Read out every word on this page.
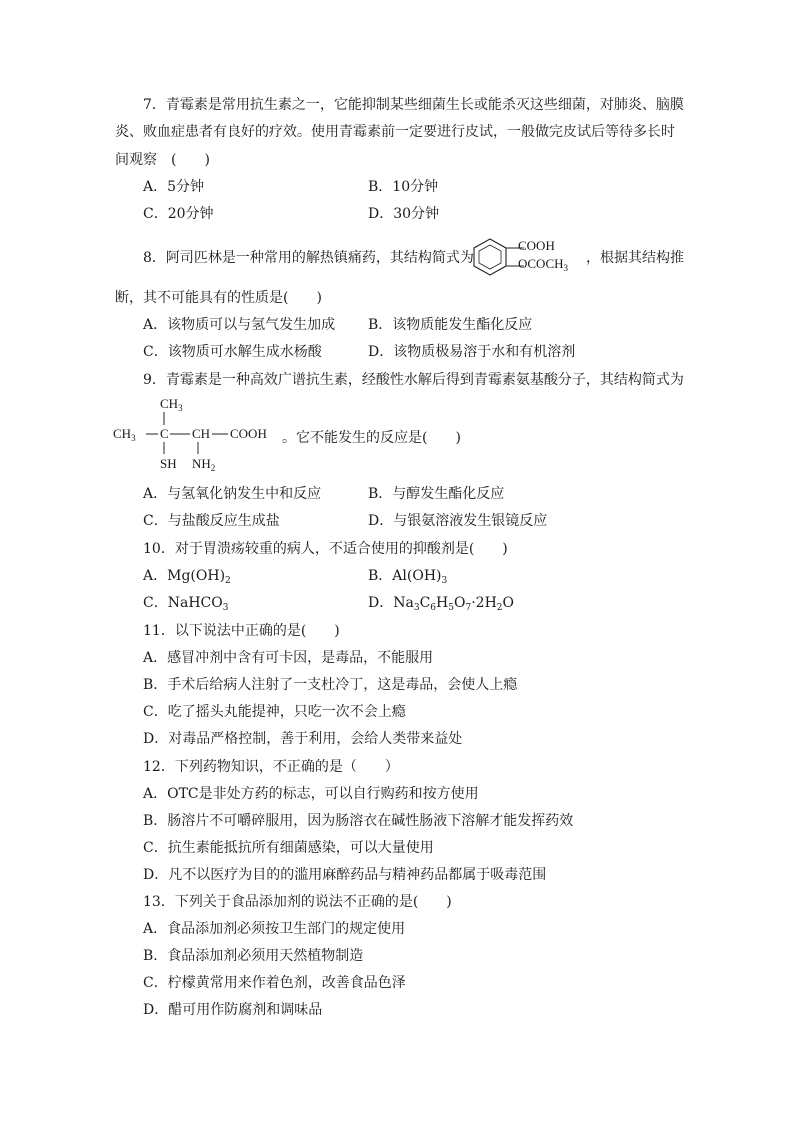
7．青霉素是常用抗生素之一，它能抑制某些细菌生长或能杀灭这些细菌，对肺炎、脑膜
炎、败血症患者有良好的疗效。使用青霉素前一定要进行皮试，一般做完皮试后等待多长时
间观察　(　　)
A．5分钟	B．10分钟
C．20分钟	D．30分钟
8．阿司匹林是一种常用的解热镇痛药，其结构简式为
COOH
$OCOCH_3$
，根据其结构推
断，其不可能具有的性质是(　　)
A．该物质可以与氢气发生加成 B．该物质能发生酯化反应
C．该物质可水解生成水杨酸	D．该物质极易溶于水和有机溶剂
9．青霉素是一种高效广谱抗生素，经酸性水解后得到青霉素氨基酸分子，其结构简式为
$CH_3$
$CH_3$ C CH COOH
SH $NH_2$
。它不能发生的反应是(　　)
A．与氢氧化钠发生中和反应	B．与醇发生酯化反应
C．与盐酸反应生成盐	D．与银氨溶液发生银镜反应
10．对于胃溃疡较重的病人，不适合使用的抑酸剂是(　　)
A．$Mg(OH)_2$	B．$Al(OH)_3$
C．NaHCO$_3$	D．$Na_3C_6H_5O_7\cdot 2H_2O$
11．以下说法中正确的是(　　)
A．感冒冲剂中含有可卡因，是毒品，不能服用
B．手术后给病人注射了一支杜冷丁，这是毒品，会使人上瘾
C．吃了摇头丸能提神，只吃一次不会上瘾
D．对毒品严格控制，善于利用，会给人类带来益处
12．下列药物知识，不正确的是（　　）
A．OTC是非处方药的标志，可以自行购药和按方使用
B．肠溶片不可嚼碎服用，因为肠溶衣在碱性肠液下溶解才能发挥药效
C．抗生素能抵抗所有细菌感染，可以大量使用
D．凡不以医疗为目的的滥用麻醉药品与精神药品都属于吸毒范围
13．下列关于食品添加剂的说法不正确的是(　　)
A．食品添加剂必须按卫生部门的规定使用
B．食品添加剂必须用天然植物制造
C．柠檬黄常用来作着色剂，改善食品色泽
D．醋可用作防腐剂和调味品
